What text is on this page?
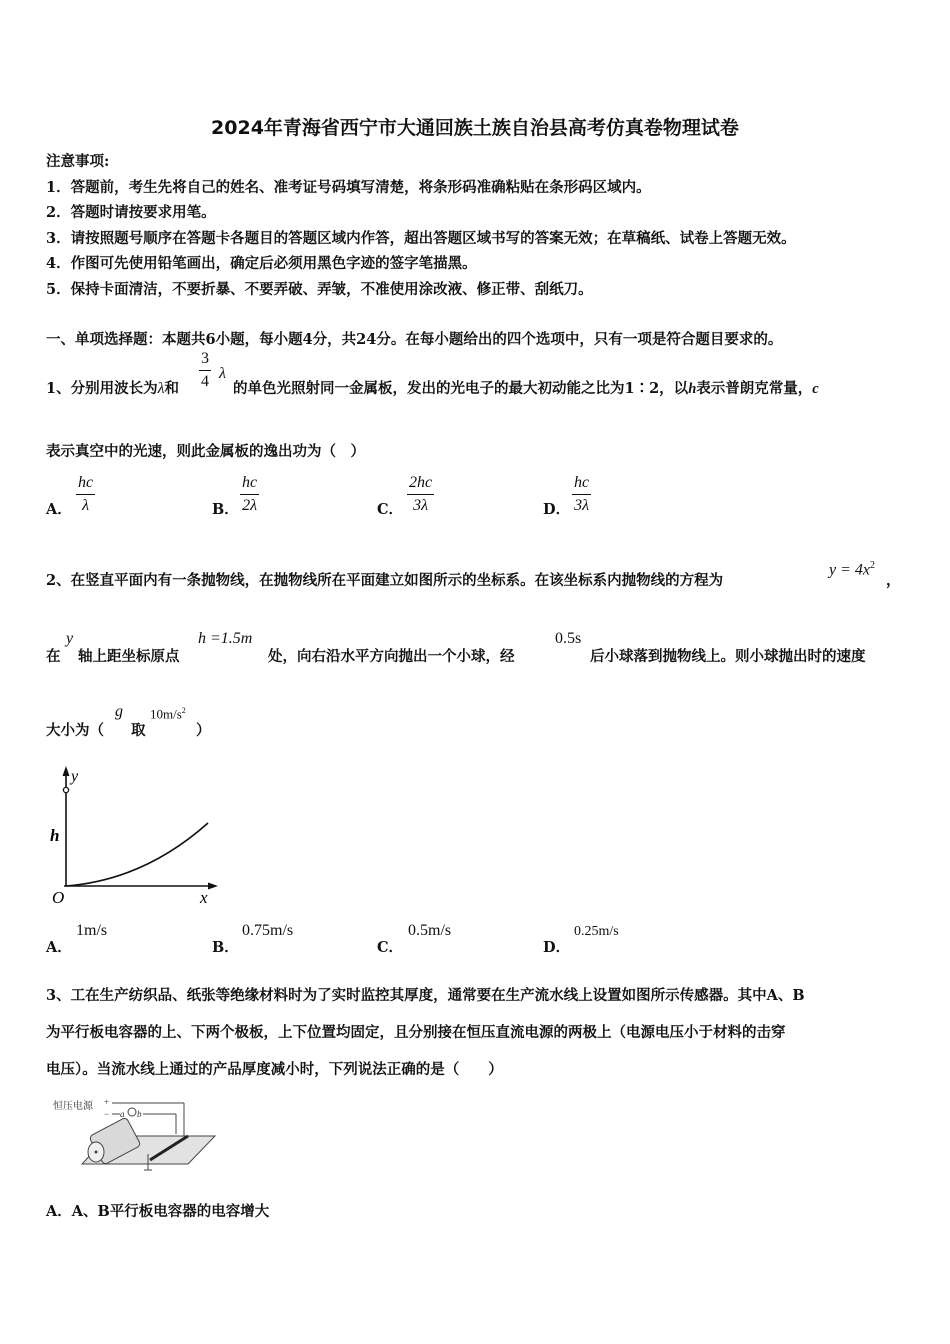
2024年青海省西宁市大通回族土族自治县高考仿真卷物理试卷
注意事项:
1．答题前，考生先将自己的姓名、准考证号码填写清楚，将条形码准确粘贴在条形码区域内。
2．答题时请按要求用笔。
3．请按照题号顺序在答题卡各题目的答题区域内作答，超出答题区域书写的答案无效；在草稿纸、试卷上答题无效。
4．作图可先使用铅笔画出，确定后必须用黑色字迹的签字笔描黑。
5．保持卡面清洁，不要折暴、不要弄破、弄皱，不准使用涂改液、修正带、刮纸刀。
一、单项选择题：本题共6小题，每小题4分，共24分。在每小题给出的四个选项中，只有一项是符合题目要求的。
1、分别用波长为λ和 $\frac{3}{4}$ λ
的单色光照射同一金属板，发出的光电子的最大初动能之比为1∶2，以h表示普朗克常量，c
表示真空中的光速，则此金属板的逸出功为（　）
A． $\frac{hc}{\lambda}$	B． $\frac{hc}{2\lambda}$	C． $\frac{2hc}{3\lambda}$	D． $\frac{hc}{3\lambda}$
2、在竖直平面内有一条抛物线，在抛物线所在平面建立如图所示的坐标系。在该坐标系内抛物线的方程为
$y = 4x^2$
，
在
y
轴上距坐标原点
h =1.5m
处，向右沿水平方向抛出一个小球，经
0.5s
后小球落到抛物线上。则小球抛出时的速度
大小为（
g
取
$10m/s^2$
）
y
h
O	x
A．
1m/s
B．
0.75m/s
C．
0.5m/s
D．
0.25m/s
3、工在生产纺织品、纸张等绝缘材料时为了实时监控其厚度，通常要在生产流水线上设置如图所示传感器。其中A、B
为平行板电容器的上、下两个极板，上下位置均固定，且分别接在恒压直流电源的两极上（电源电压小于材料的击穿
电压）。当流水线上通过的产品厚度减小时，下列说法正确的是（　　）
恒压电源 +
− a b
A．A、B平行板电容器的电容增大
